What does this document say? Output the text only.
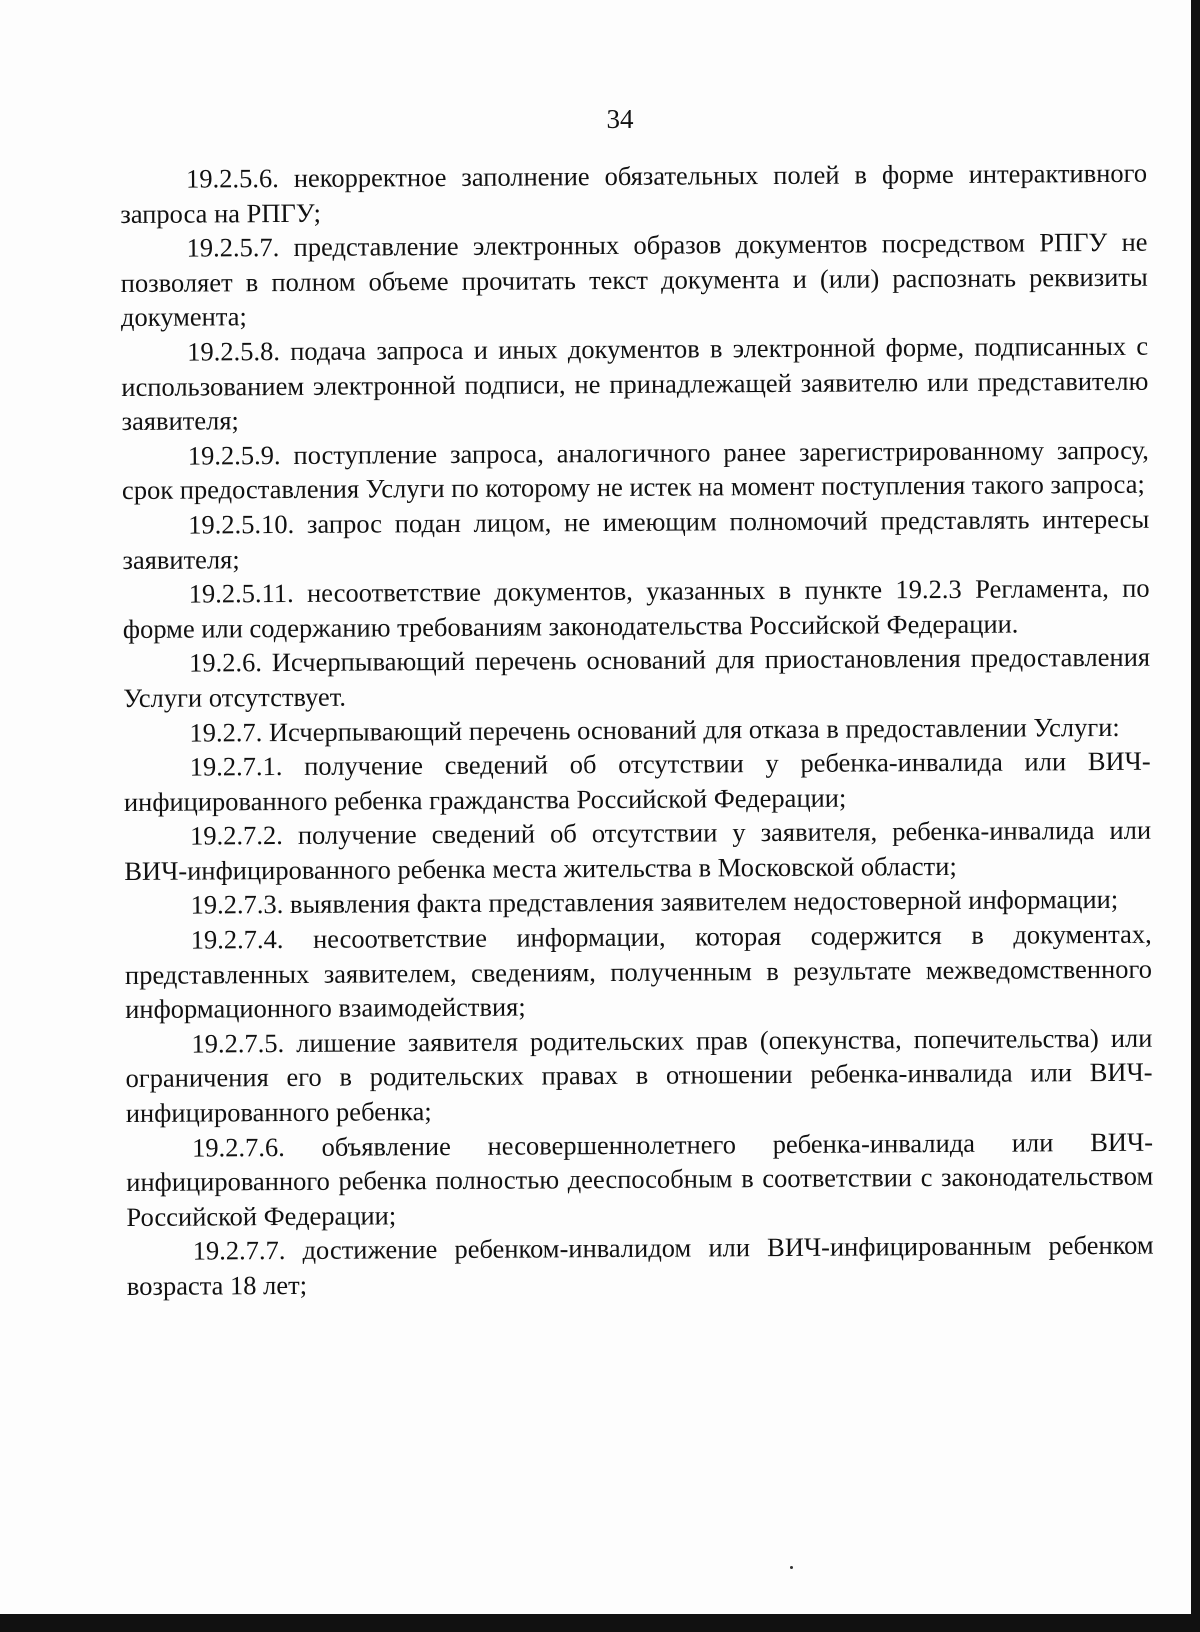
34

19.2.5.6. некорректное заполнение обязательных полей в форме интерактивного запроса на РПГУ;

19.2.5.7. представление электронных образов документов посредством РПГУ не позволяет в полном объеме прочитать текст документа и (или) распознать реквизиты документа;

19.2.5.8. подача запроса и иных документов в электронной форме, подписанных с использованием электронной подписи, не принадлежащей заявителю или представителю заявителя;

19.2.5.9. поступление запроса, аналогичного ранее зарегистрированному запросу, срок предоставления Услуги по которому не истек на момент поступления такого запроса;

19.2.5.10. запрос подан лицом, не имеющим полномочий представлять интересы заявителя;

19.2.5.11. несоответствие документов, указанных в пункте 19.2.3 Регламента, по форме или содержанию требованиям законодательства Российской Федерации.

19.2.6. Исчерпывающий перечень оснований для приостановления предоставления Услуги отсутствует.

19.2.7. Исчерпывающий перечень оснований для отказа в предоставлении Услуги:

19.2.7.1. получение сведений об отсутствии у ребенка-инвалида или ВИЧ-инфицированного ребенка гражданства Российской Федерации;

19.2.7.2. получение сведений об отсутствии у заявителя, ребенка-инвалида или ВИЧ-инфицированного ребенка места жительства в Московской области;

19.2.7.3. выявления факта представления заявителем недостоверной информации;

19.2.7.4. несоответствие информации, которая содержится в документах, представленных заявителем, сведениям, полученным в результате межведомственного информационного взаимодействия;

19.2.7.5. лишение заявителя родительских прав (опекунства, попечительства) или ограничения его в родительских правах в отношении ребенка-инвалида или ВИЧ-инфицированного ребенка;

19.2.7.6. объявление несовершеннолетнего ребенка-инвалида или ВИЧ-инфицированного ребенка полностью дееспособным в соответствии с законодательством Российской Федерации;

19.2.7.7. достижение ребенком-инвалидом или ВИЧ-инфицированным ребенком возраста 18 лет;
